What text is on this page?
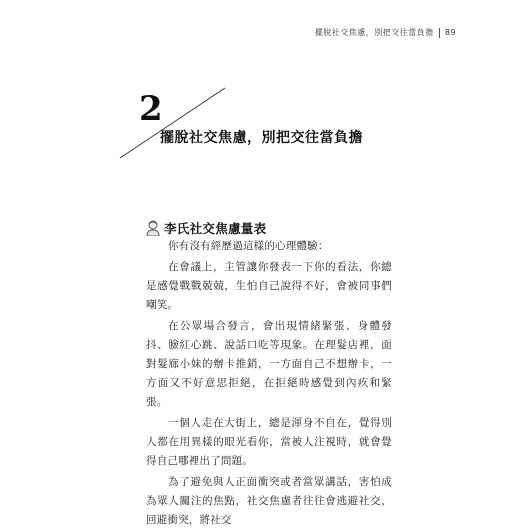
擺脫社交焦慮，別把交往當負擔 89
2
擺脫社交焦慮，別把交往當負擔
李氏社交焦慮量表

你有沒有經歷過這樣的心理體驗：

在會議上，主管讓你發表一下你的看法，你總是感覺戰戰兢兢，生怕自己說得不好，會被同事們嘲笑。

在公眾場合發言，會出現情緒緊張、身體發抖、臉紅心跳、說話口吃等現象。在理髮店裡，面對髮廊小妹的辦卡推銷，一方面自己不想辦卡，一方面又不好意思拒絕，在拒絕時感覺到內疚和緊張。

一個人走在大街上，總是渾身不自在，覺得別人都在用異樣的眼光看你，當被人注視時，就會覺得自己哪裡出了問題。

為了避免與人正面衝突或者當眾講話，害怕成為眾人關注的焦點，社交焦慮者往往會逃避社交，回避衝突，將社交
